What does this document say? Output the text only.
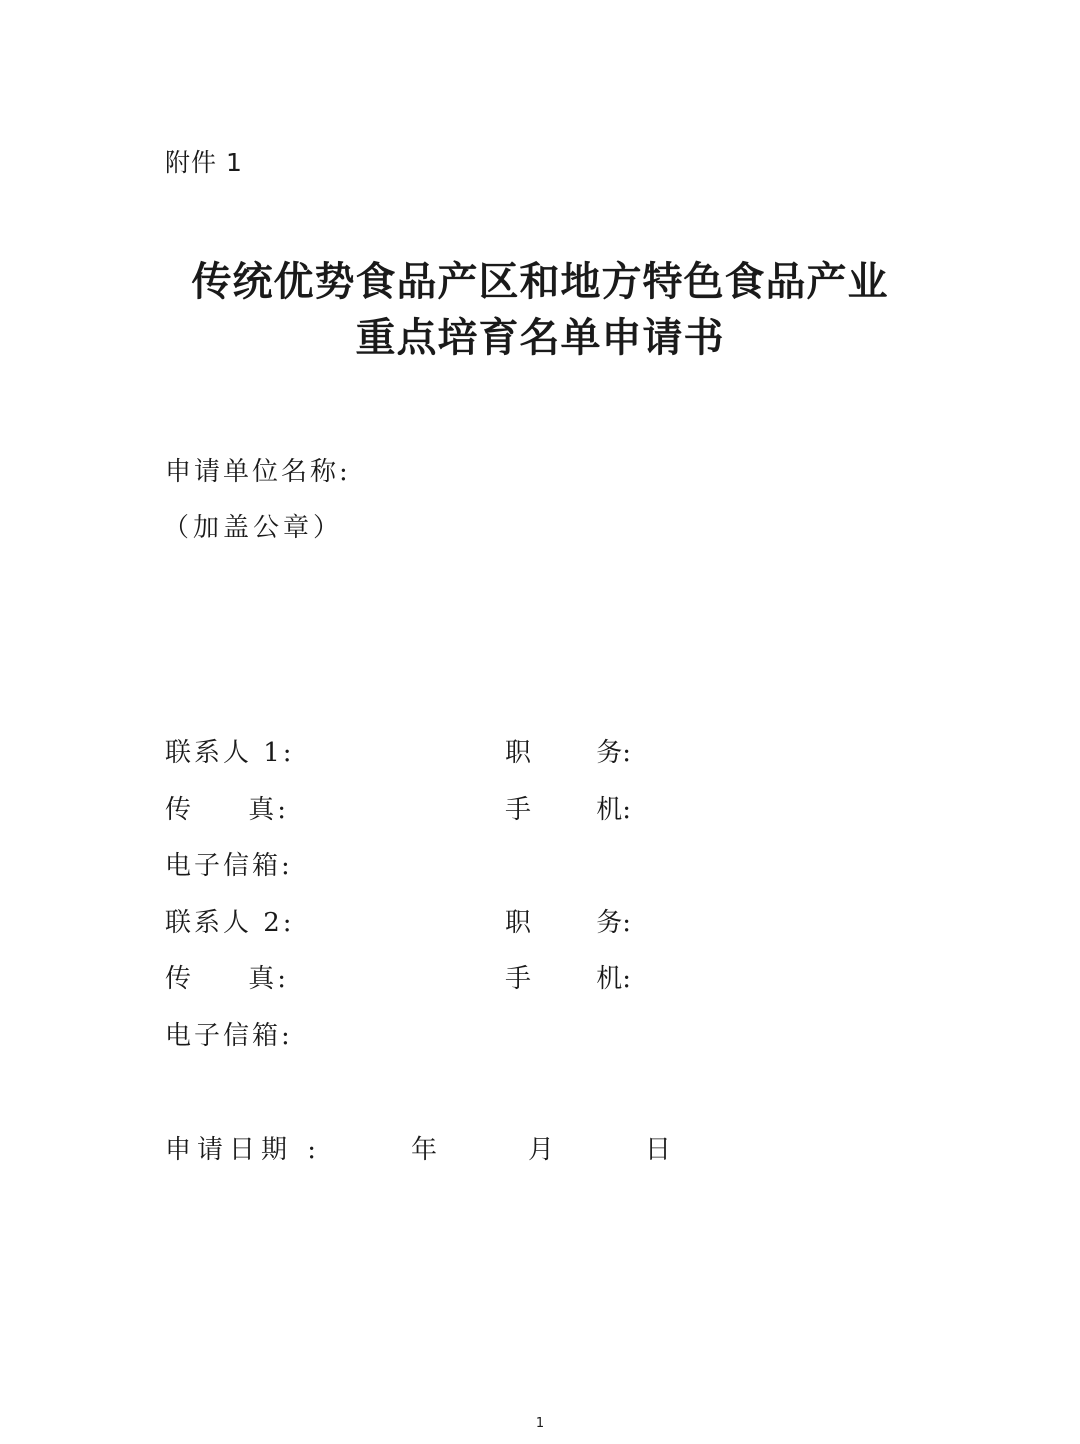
附件 1
传统优势食品产区和地方特色食品产业
重点培育名单申请书
申请单位名称:
（加盖公章）
联系人 1:	职	务:
传 真:	手	机:
电子信箱:
联系人 2:	职	务:
传 真:	手	机:
电子信箱:
申请日期 :	年	月	日
1
